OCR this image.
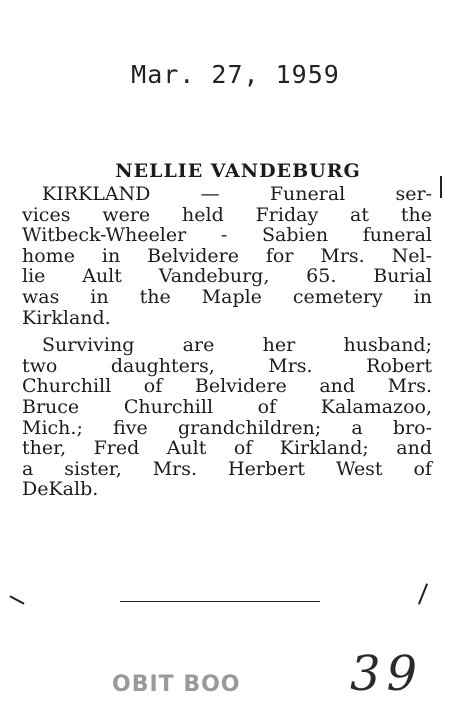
Mar. 27, 1959
NELLIE VANDEBURG
KIRKLAND — Funeral ser-
vices were held Friday at the
Witbeck-Wheeler - Sabien funeral
home in Belvidere for Mrs. Nel-
lie Ault Vandeburg, 65. Burial
was in the Maple cemetery in
Kirkland.
Surviving are her husband;
two daughters, Mrs. Robert
Churchill of Belvidere and Mrs.
Bruce Churchill of Kalamazoo,
Mich.; five grandchildren; a bro-
ther, Fred Ault of Kirkland; and
a sister, Mrs. Herbert West of
DeKalb.
OBIT BOO 39
